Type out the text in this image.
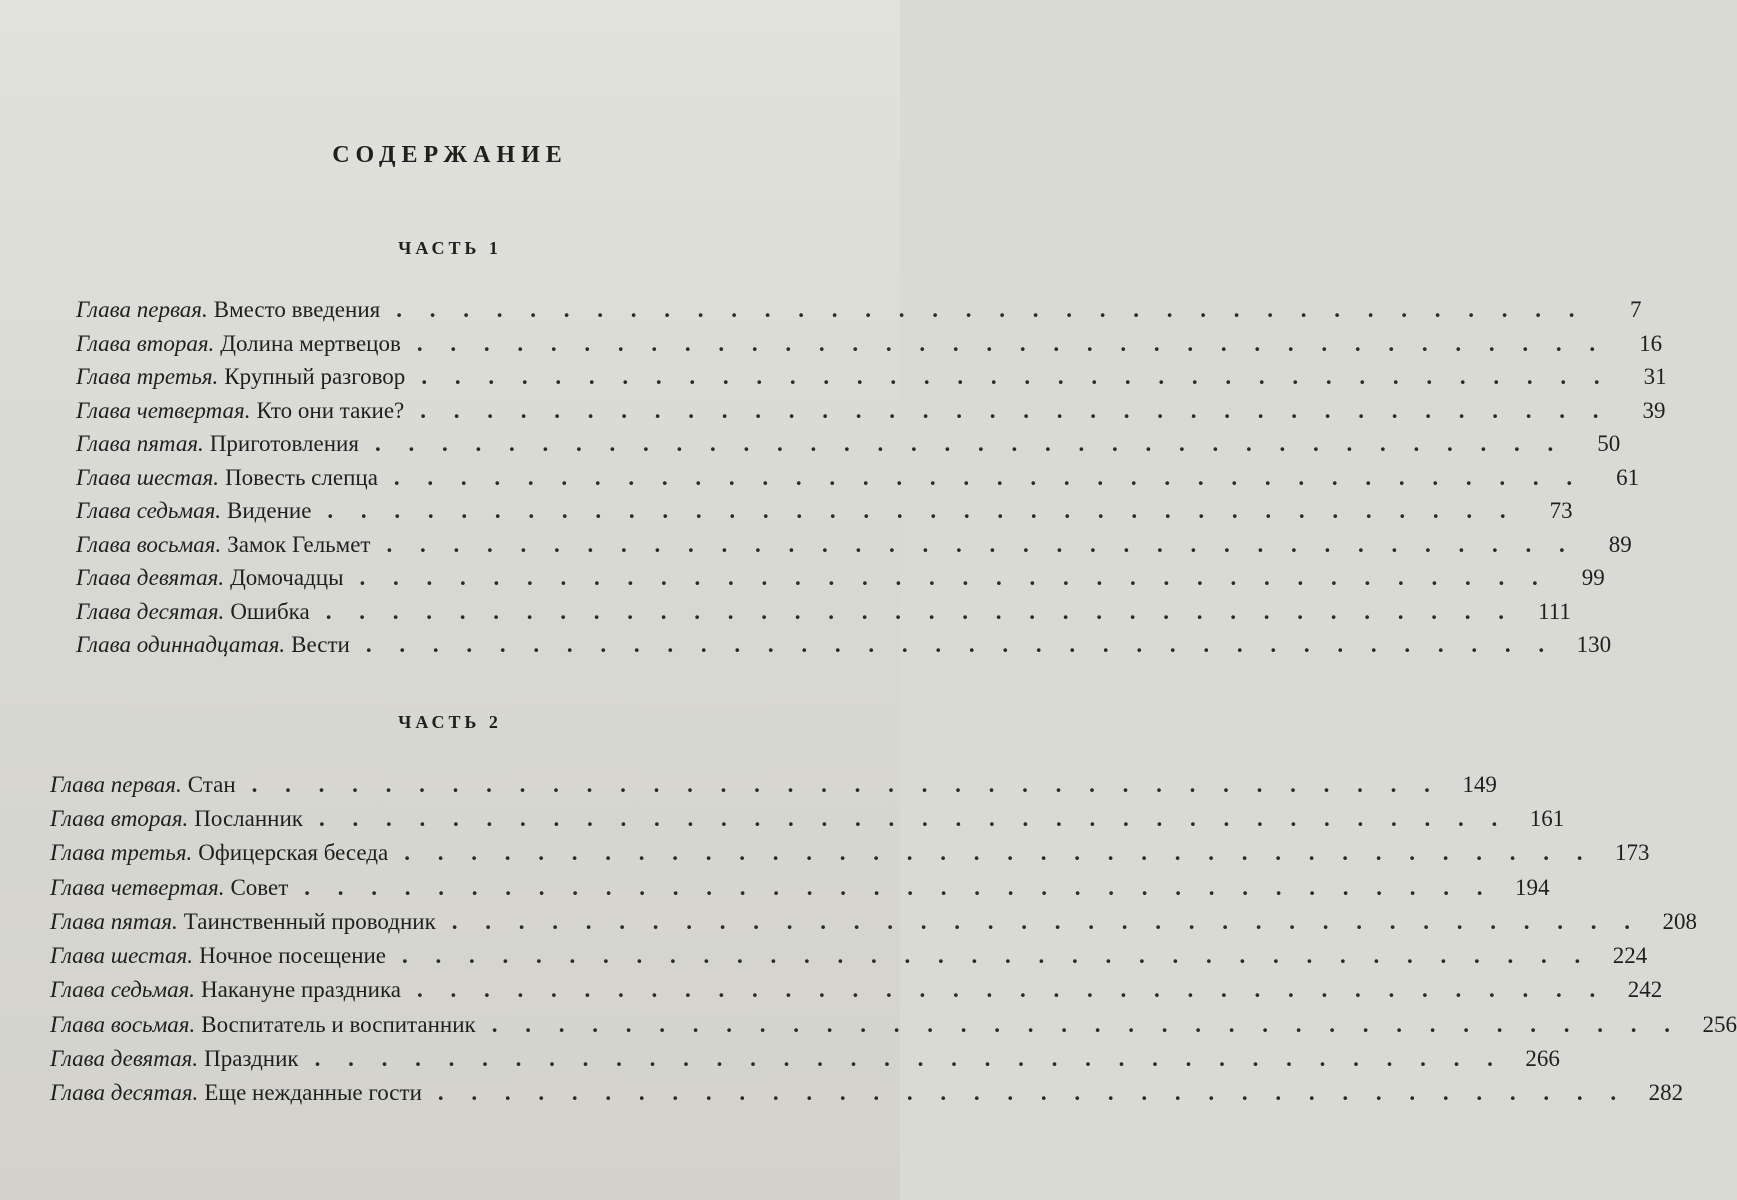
СОДЕРЖАНИЕ
ЧАСТЬ 1
Глава первая. Вместо введения . . . . . . . . . . . . . . . . . . . . . . . . . . . . . . . . . . . .	7
Глава вторая. Долина мертвецов . . . . . . . . . . . . . . . . . . . . . . . . . . . . . . . . . . . .	16
Глава третья. Крупный разговор . . . . . . . . . . . . . . . . . . . . . . . . . . . . . . . . . . . .	31
Глава четвертая. Кто они такие? . . . . . . . . . . . . . . . . . . . . . . . . . . . . . . . . . . . .	39
Глава пятая. Приготовления . . . . . . . . . . . . . . . . . . . . . . . . . . . . . . . . . . . .	50
Глава шестая. Повесть слепца . . . . . . . . . . . . . . . . . . . . . . . . . . . . . . . . . . . .	61
Глава седьмая. Видение . . . . . . . . . . . . . . . . . . . . . . . . . . . . . . . . . . . .	73
Глава восьмая. Замок Гельмет . . . . . . . . . . . . . . . . . . . . . . . . . . . . . . . . . . . .	89
Глава девятая. Домочадцы . . . . . . . . . . . . . . . . . . . . . . . . . . . . . . . . . . . .	99
Глава десятая. Ошибка . . . . . . . . . . . . . . . . . . . . . . . . . . . . . . . . . . . .	111
Глава одиннадцатая. Вести . . . . . . . . . . . . . . . . . . . . . . . . . . . . . . . . . . . . 130
ЧАСТЬ 2
Глава первая. Стан . . . . . . . . . . . . . . . . . . . . . . . . . . . . . . . . . . . . 149
Глава вторая. Посланник . . . . . . . . . . . . . . . . . . . . . . . . . . . . . . . . . . . . 161
Глава третья. Офицерская беседа . . . . . . . . . . . . . . . . . . . . . . . . . . . . . . . . . . . . 173
Глава четвертая. Совет . . . . . . . . . . . . . . . . . . . . . . . . . . . . . . . . . . . . 194
Глава пятая. Таинственный проводник . . . . . . . . . . . . . . . . . . . . . . . . . . . . . . . . . . . . 208
Глава шестая. Ночное посещение . . . . . . . . . . . . . . . . . . . . . . . . . . . . . . . . . . . . 224
Глава седьмая. Накануне праздника . . . . . . . . . . . . . . . . . . . . . . . . . . . . . . . . . . . . 242
Глава восьмая. Воспитатель и воспитанник . . . . . . . . . . . . . . . . . . . . . . . . . . . . . . . . . . . . 256
Глава девятая. Праздник . . . . . . . . . . . . . . . . . . . . . . . . . . . . . . . . . . . . 266
Глава десятая. Еще нежданные гости . . . . . . . . . . . . . . . . . . . . . . . . . . . . . . . . . . . . 282
